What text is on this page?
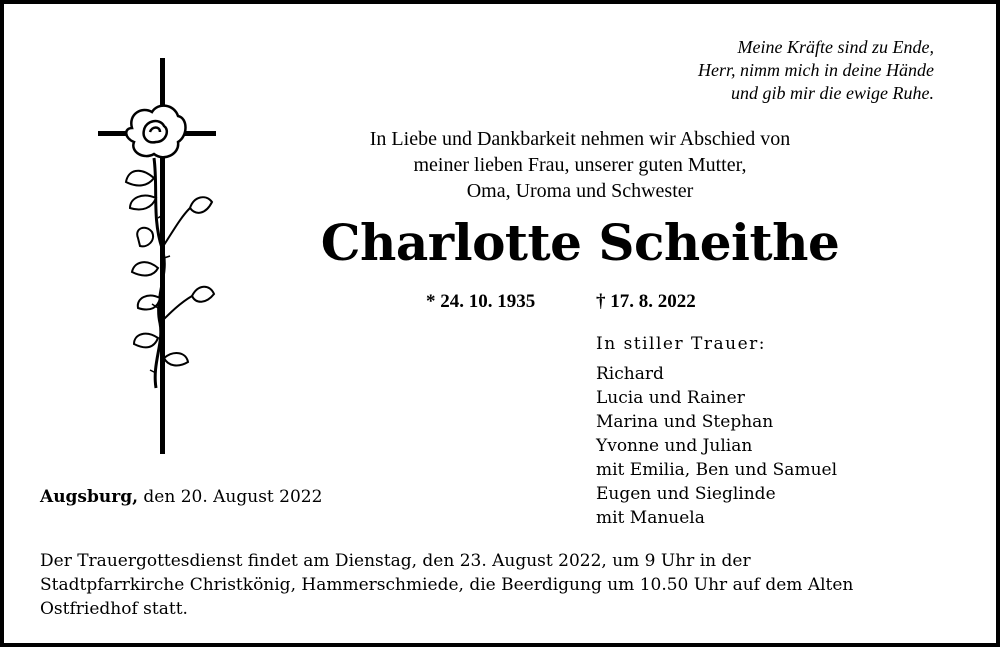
Meine Kräfte sind zu Ende,
Herr, nimm mich in deine Hände
und gib mir die ewige Ruhe.
In Liebe und Dankbarkeit nehmen wir Abschied von
meiner lieben Frau, unserer guten Mutter,
Oma, Uroma und Schwester
Charlotte Scheithe
* 24. 10. 1935	† 17. 8. 2022
In stiller Trauer:
Richard
Lucia und Rainer
Marina und Stephan
Yvonne und Julian
mit Emilia, Ben und Samuel
Eugen und Sieglinde
mit Manuela
Augsburg, den 20. August 2022
Der Trauergottesdienst findet am Dienstag, den 23. August 2022, um 9 Uhr in der
Stadtpfarrkirche Christkönig, Hammerschmiede, die Beerdigung um 10.50 Uhr auf dem Alten
Ostfriedhof statt.
